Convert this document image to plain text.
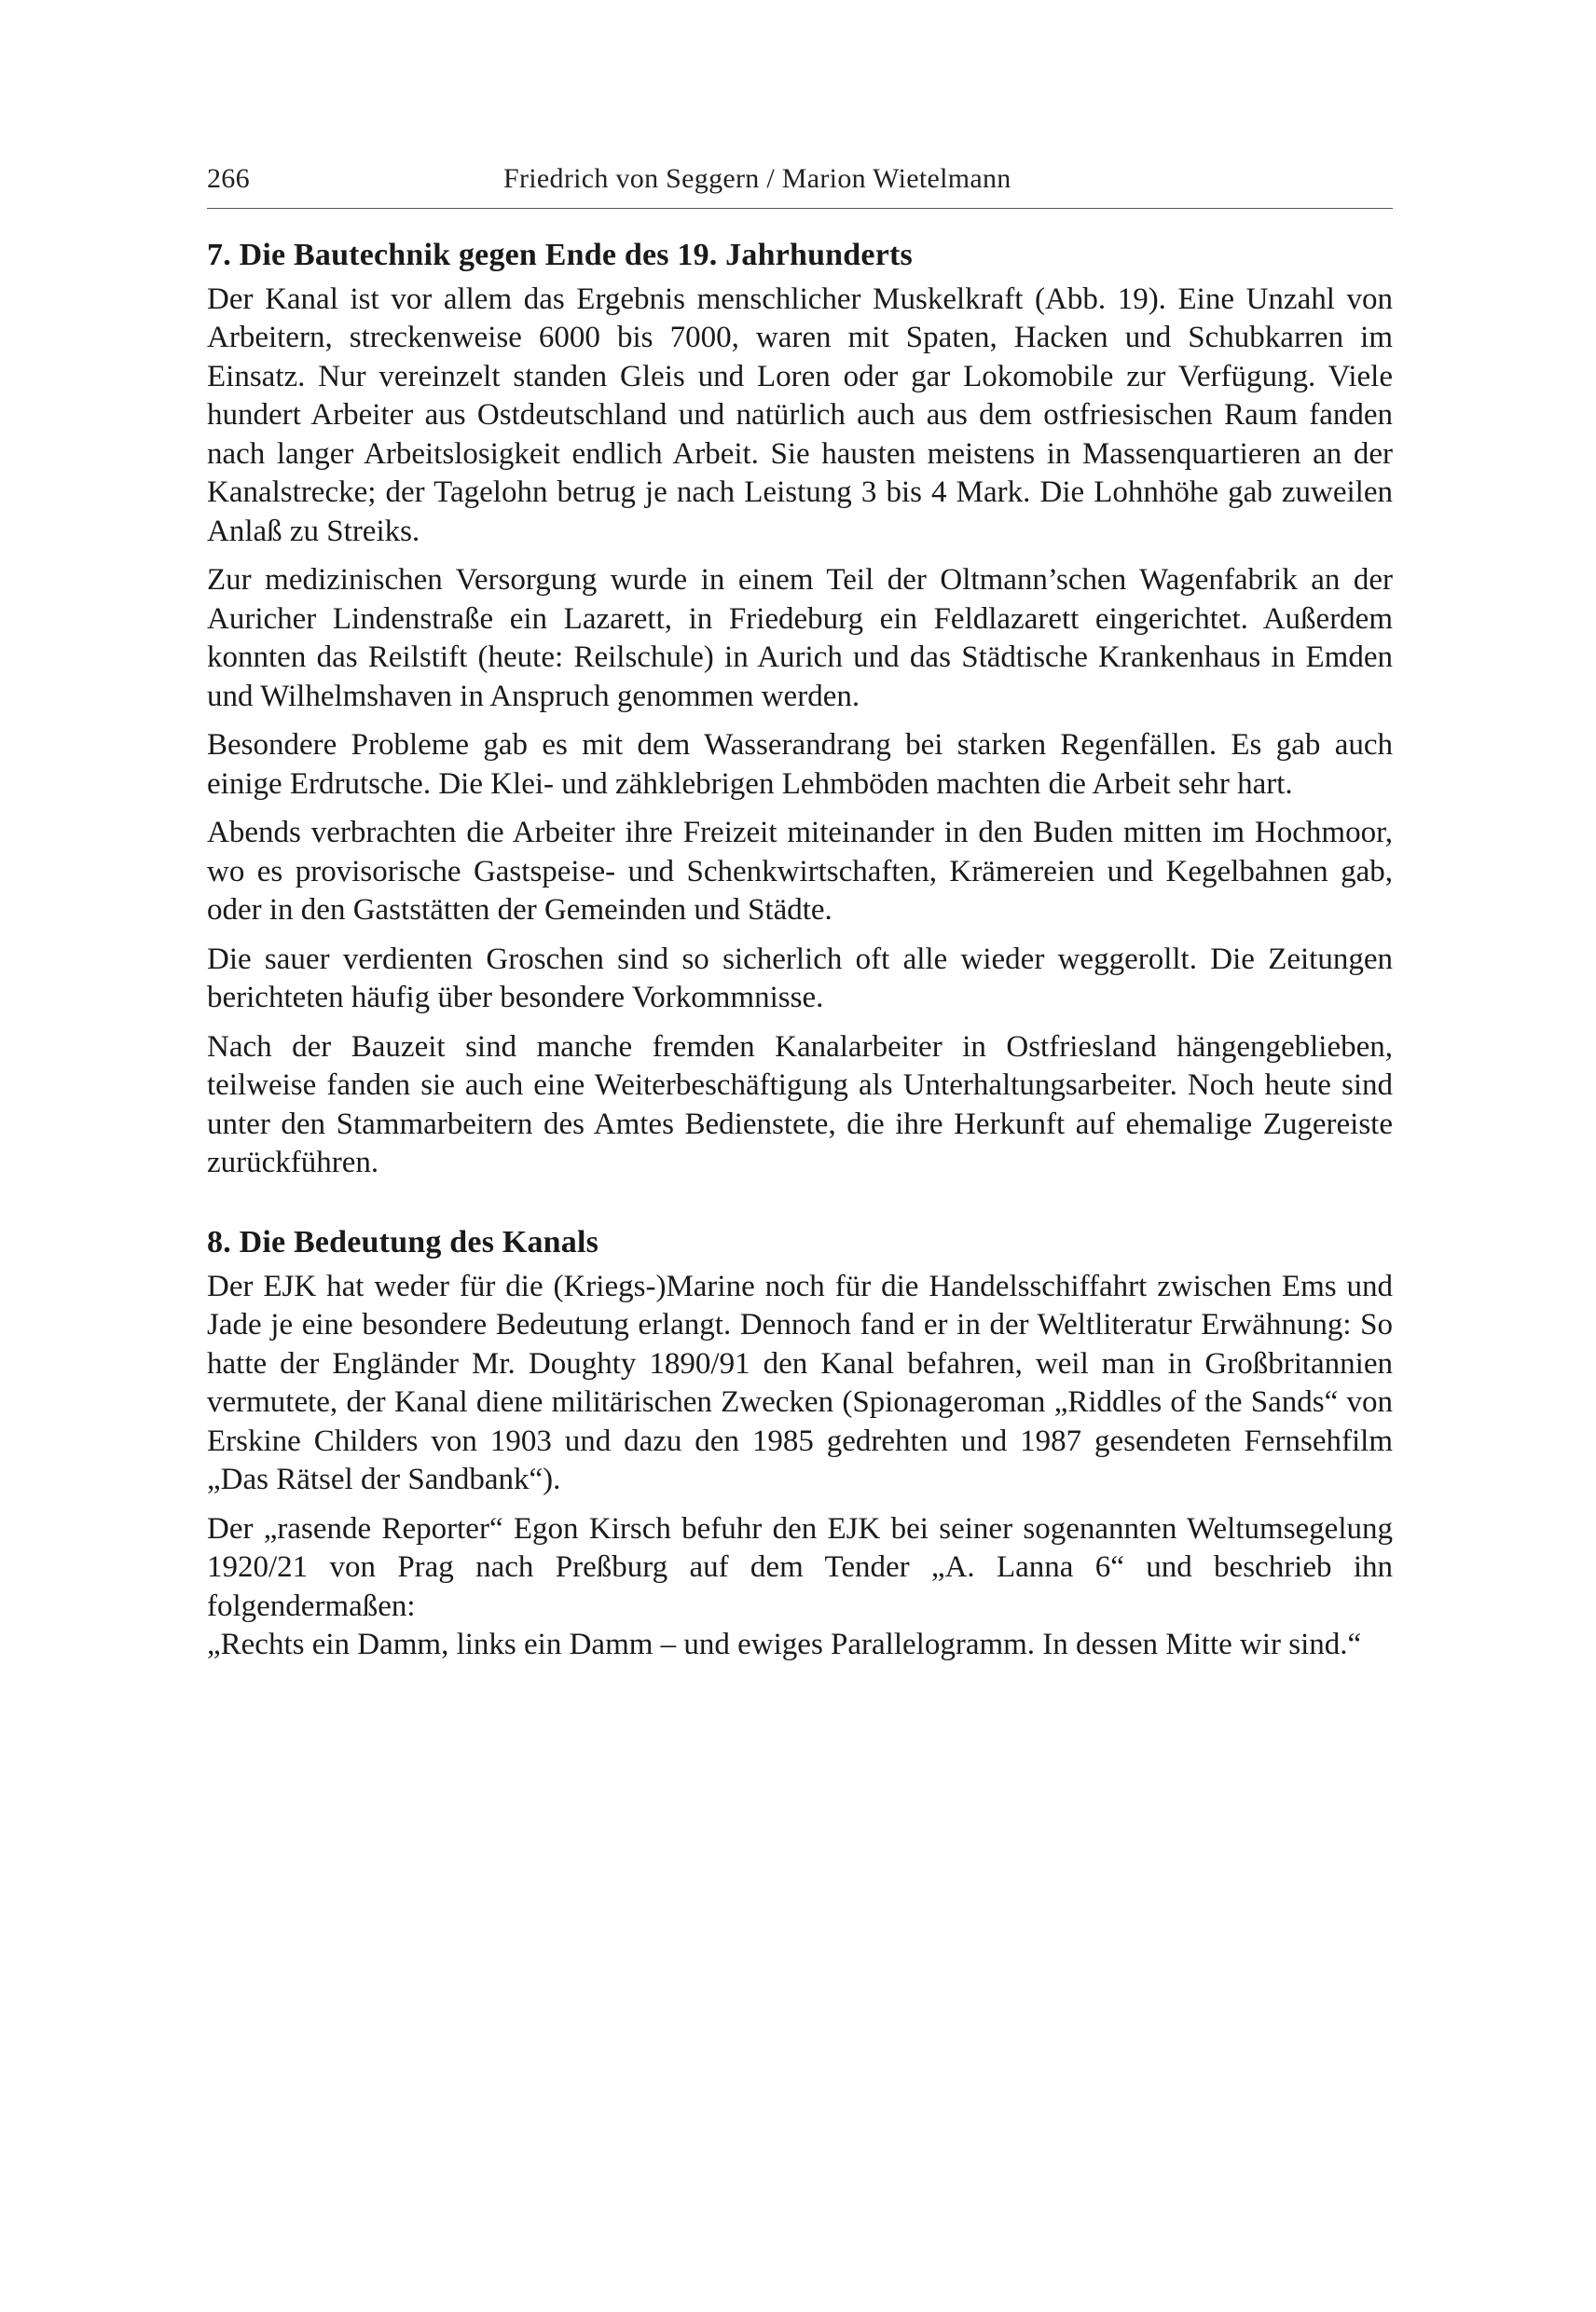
266	Friedrich von Seggern / Marion Wietelmann
7. Die Bautechnik gegen Ende des 19. Jahrhunderts

Der Kanal ist vor allem das Ergebnis menschlicher Muskelkraft (Abb. 19). Eine Unzahl von Arbeitern, streckenweise 6000 bis 7000, waren mit Spaten, Hacken und Schubkarren im Einsatz. Nur vereinzelt standen Gleis und Loren oder gar Lokomobile zur Verfügung. Viele hundert Arbeiter aus Ostdeutschland und natürlich auch aus dem ostfriesischen Raum fanden nach langer Arbeitslosigkeit endlich Arbeit. Sie hausten meistens in Massenquartieren an der Kanalstrecke; der Tagelohn betrug je nach Leistung 3 bis 4 Mark. Die Lohnhöhe gab zuweilen Anlaß zu Streiks.

Zur medizinischen Versorgung wurde in einem Teil der Oltmann’schen Wagenfabrik an der Auricher Lindenstraße ein Lazarett, in Friedeburg ein Feldlazarett eingerichtet. Außerdem konnten das Reilstift (heute: Reilschule) in Aurich und das Städtische Krankenhaus in Emden und Wilhelmshaven in Anspruch genommen werden.

Besondere Probleme gab es mit dem Wasserandrang bei starken Regenfällen. Es gab auch einige Erdrutsche. Die Klei- und zähklebrigen Lehmböden machten die Arbeit sehr hart.

Abends verbrachten die Arbeiter ihre Freizeit miteinander in den Buden mitten im Hochmoor, wo es provisorische Gastspeise- und Schenkwirtschaften, Krämereien und Kegelbahnen gab, oder in den Gaststätten der Gemeinden und Städte.

Die sauer verdienten Groschen sind so sicherlich oft alle wieder weggerollt. Die Zeitungen berichteten häufig über besondere Vorkommnisse.

Nach der Bauzeit sind manche fremden Kanalarbeiter in Ostfriesland hängengeblieben, teilweise fanden sie auch eine Weiterbeschäftigung als Unterhaltungsarbeiter. Noch heute sind unter den Stammarbeitern des Amtes Bedienstete, die ihre Herkunft auf ehemalige Zugereiste zurückführen.

8. Die Bedeutung des Kanals

Der EJK hat weder für die (Kriegs-)Marine noch für die Handelsschiffahrt zwischen Ems und Jade je eine besondere Bedeutung erlangt. Dennoch fand er in der Weltliteratur Erwähnung: So hatte der Engländer Mr. Doughty 1890/91 den Kanal befahren, weil man in Großbritannien vermutete, der Kanal diene militärischen Zwecken (Spionageroman „Riddles of the Sands“ von Erskine Childers von 1903 und dazu den 1985 gedrehten und 1987 gesendeten Fernsehfilm „Das Rätsel der Sandbank“).

Der „rasende Reporter“ Egon Kirsch befuhr den EJK bei seiner sogenannten Weltumsegelung 1920/21 von Prag nach Preßburg auf dem Tender „A. Lanna 6“ und beschrieb ihn folgendermaßen:

„Rechts ein Damm, links ein Damm – und ewiges Parallelogramm. In dessen Mitte wir sind.“
